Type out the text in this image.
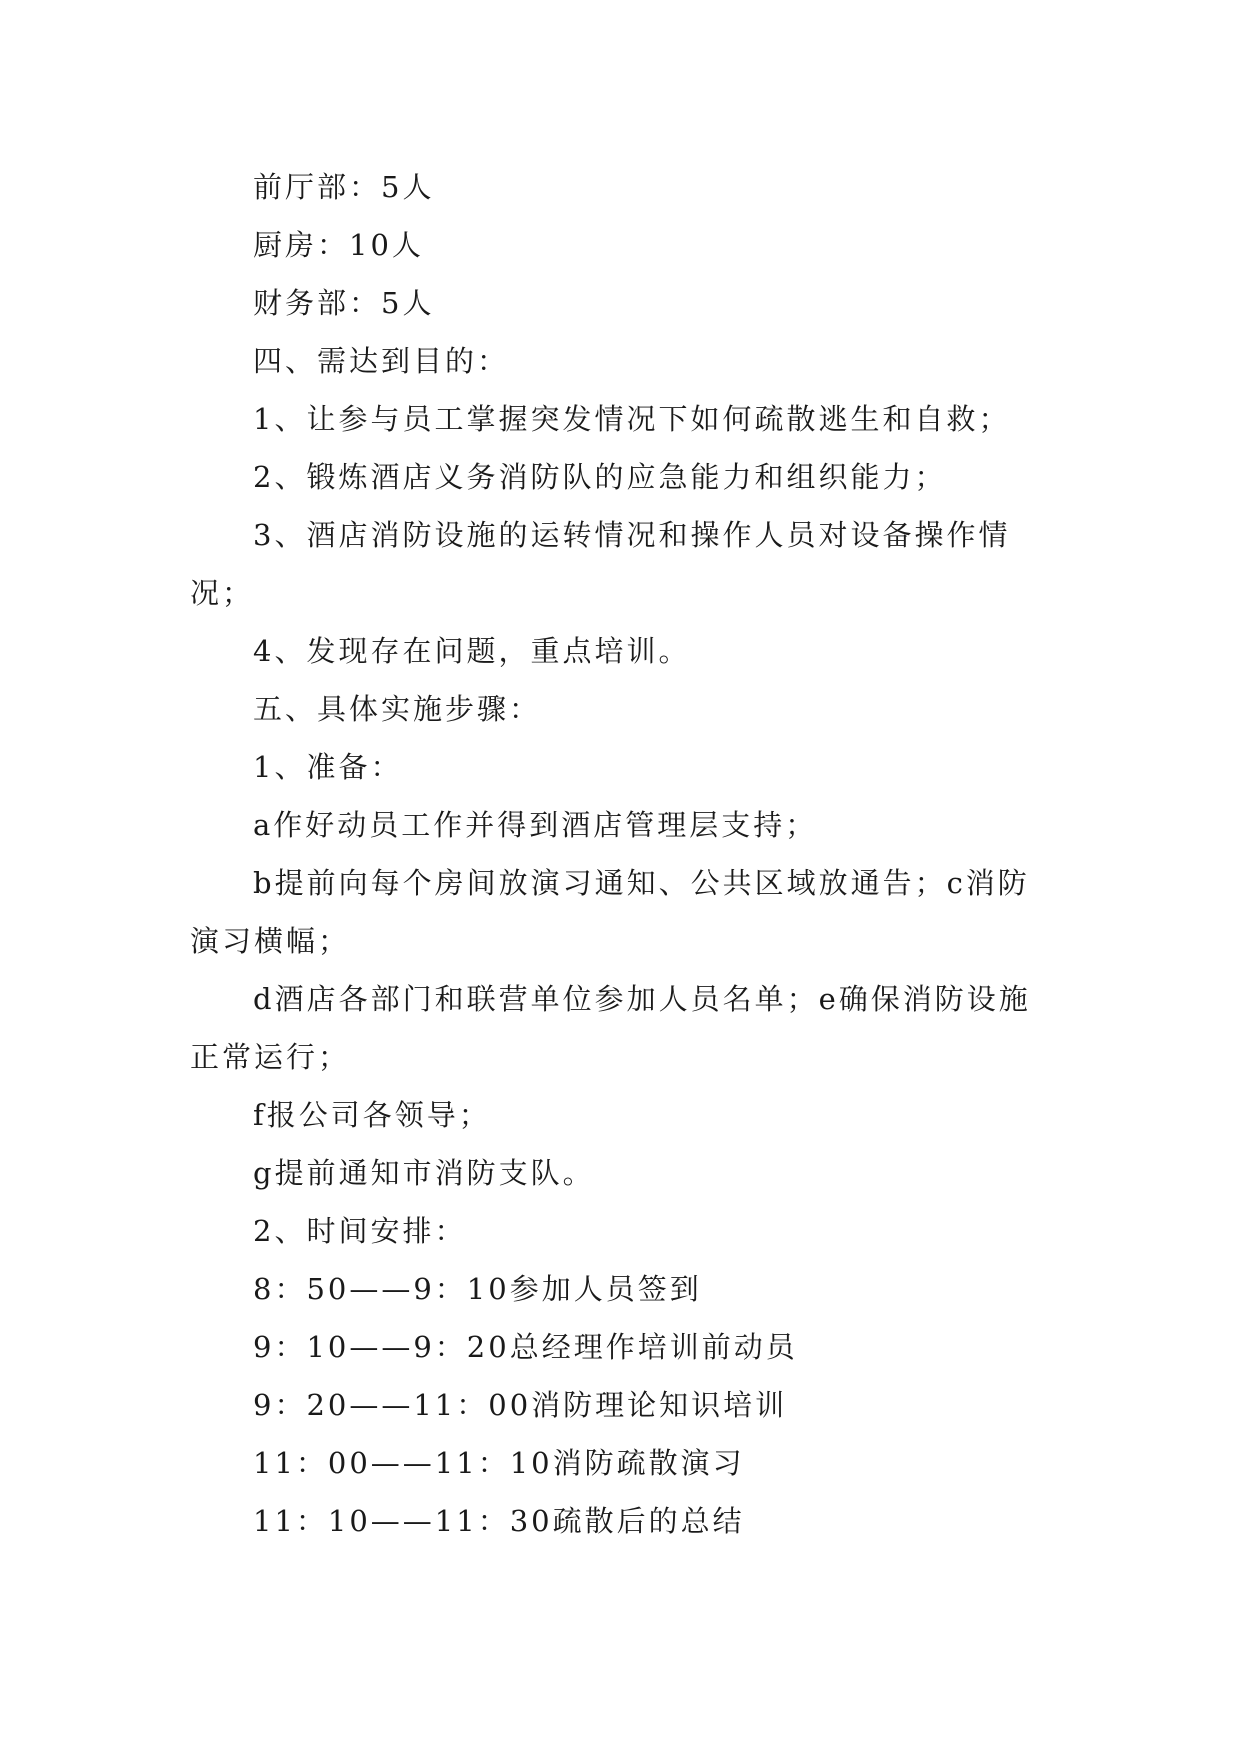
前厅部：5人

厨房：10人

财务部：5人

四、需达到目的：

1、让参与员工掌握突发情况下如何疏散逃生和自救；

2、锻炼酒店义务消防队的应急能力和组织能力；

3、酒店消防设施的运转情况和操作人员对设备操作情况；

4、发现存在问题，重点培训。

五、具体实施步骤：

1、准备：

a作好动员工作并得到酒店管理层支持；

b提前向每个房间放演习通知、公共区域放通告；c消防演习横幅；

d酒店各部门和联营单位参加人员名单；e确保消防设施正常运行；

f报公司各领导；

g提前通知市消防支队。

2、时间安排：

8：50——9：10参加人员签到

9：10——9：20总经理作培训前动员

9：20——11：00消防理论知识培训

11：00——11：10消防疏散演习

11：10——11：30疏散后的总结
